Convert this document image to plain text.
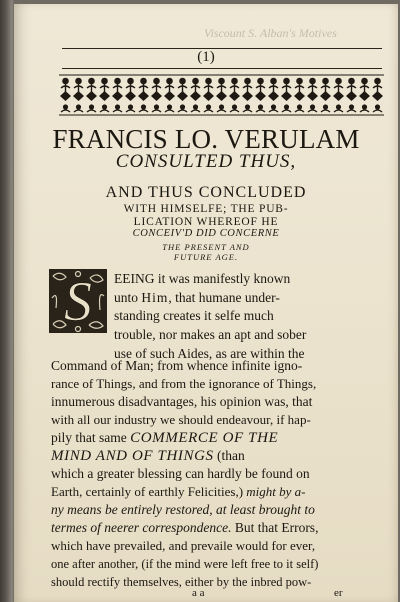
Viscount S. Alban's Motives
(1)
FRANCIS LO. VERULAM
CONSULTED THUS,
AND THUS CONCLUDED
WITH HIMSELFE; THE PUB-
LICATION WHEREOF HE
CONCEIV'D DID CONCERNE
THE PRESENT AND
FUTURE AGE.
S EEING it was manifestly known
unto Him, that humane under-
standing creates it selfe much
trouble, nor makes an apt and sober
use of such Aides, as are within the
Command of Man; from whence infinite igno-
rance of Things, and from the ignorance of Things,
innumerous disadvantages, his opinion was, that
with all our industry we should endeavour, if hap-
pily that same COMMERCE OF THE
MIND AND OF THINGS (than
which a greater blessing can hardly be found on
Earth, certainly of earthly Felicities,) might by a-
ny means be entirely restored, at least brought to
termes of neerer correspondence. But that Errors,
which have prevailed, and prevaile would for ever,
one after another, (if the mind were left free to it self)
should rectify themselves, either by the inbred pow-
a a	er
